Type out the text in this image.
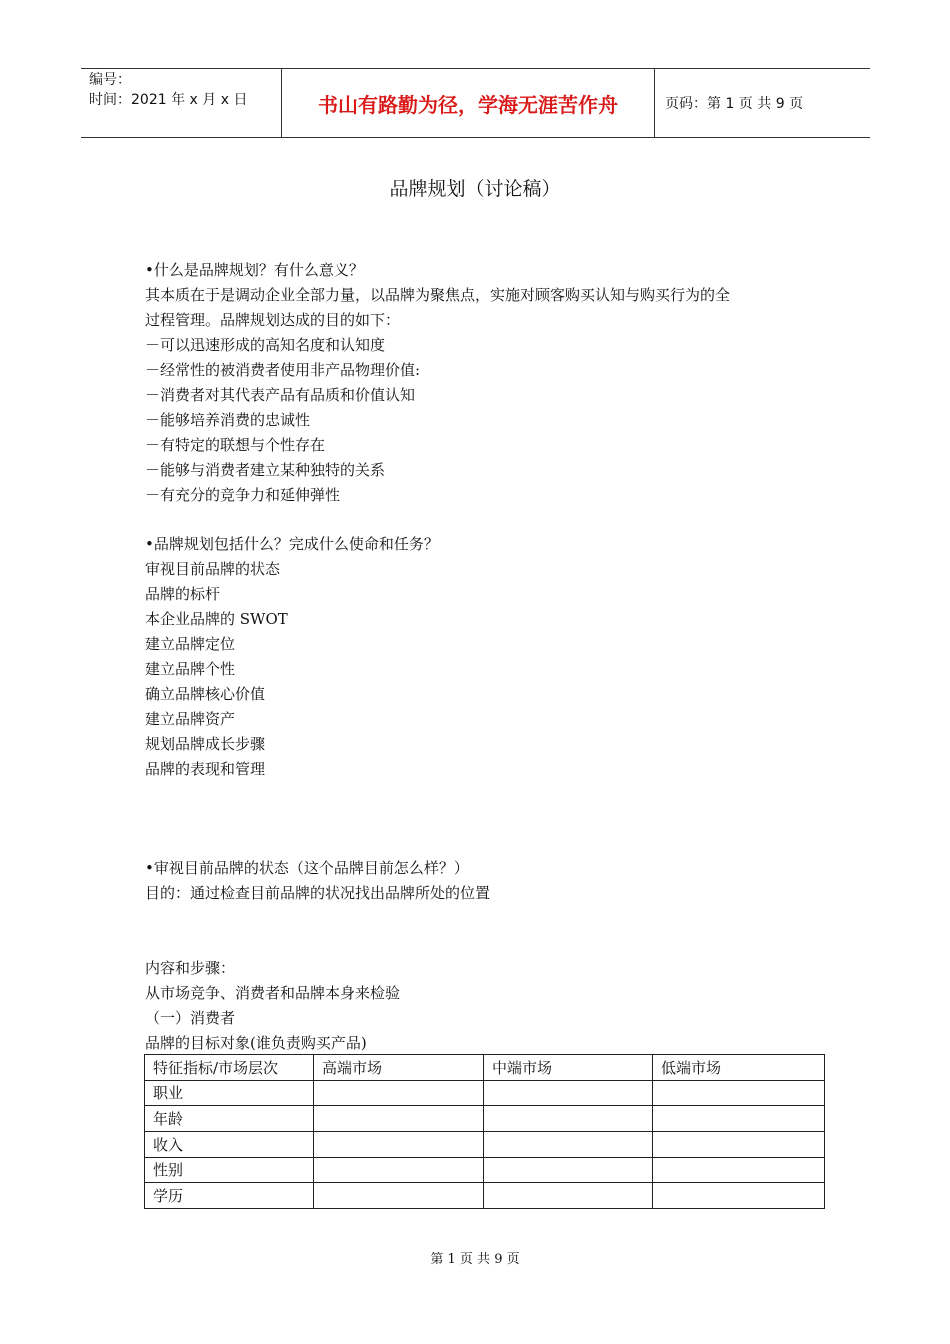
编号：
时间：2021 年 x 月 x 日	书山有路勤为径，学海无涯苦作舟	页码：第 1 页 共 9 页
品牌规划（讨论稿）
•什么是品牌规划？有什么意义？
其本质在于是调动企业全部力量，以品牌为聚焦点，实施对顾客购买认知与购买行为的全
过程管理。品牌规划达成的目的如下：
－可以迅速形成的高知名度和认知度
－经常性的被消费者使用非产品物理价值:
－消费者对其代表产品有品质和价值认知
－能够培养消费的忠诚性
－有特定的联想与个性存在
－能够与消费者建立某种独特的关系
－有充分的竞争力和延伸弹性
•品牌规划包括什么？完成什么使命和任务？
审视目前品牌的状态
品牌的标杆
本企业品牌的 SWOT
建立品牌定位
建立品牌个性
确立品牌核心价值
建立品牌资产
规划品牌成长步骤
品牌的表现和管理
•审视目前品牌的状态（这个品牌目前怎么样？）
目的：通过检查目前品牌的状况找出品牌所处的位置
内容和步骤：
从市场竞争、消费者和品牌本身来检验
（一）消费者
品牌的目标对象(谁负责购买产品)
特征指标/市场层次	高端市场	中端市场	低端市场
职业			
年龄			
收入			
性别			
学历			
第 1 页 共 9 页
